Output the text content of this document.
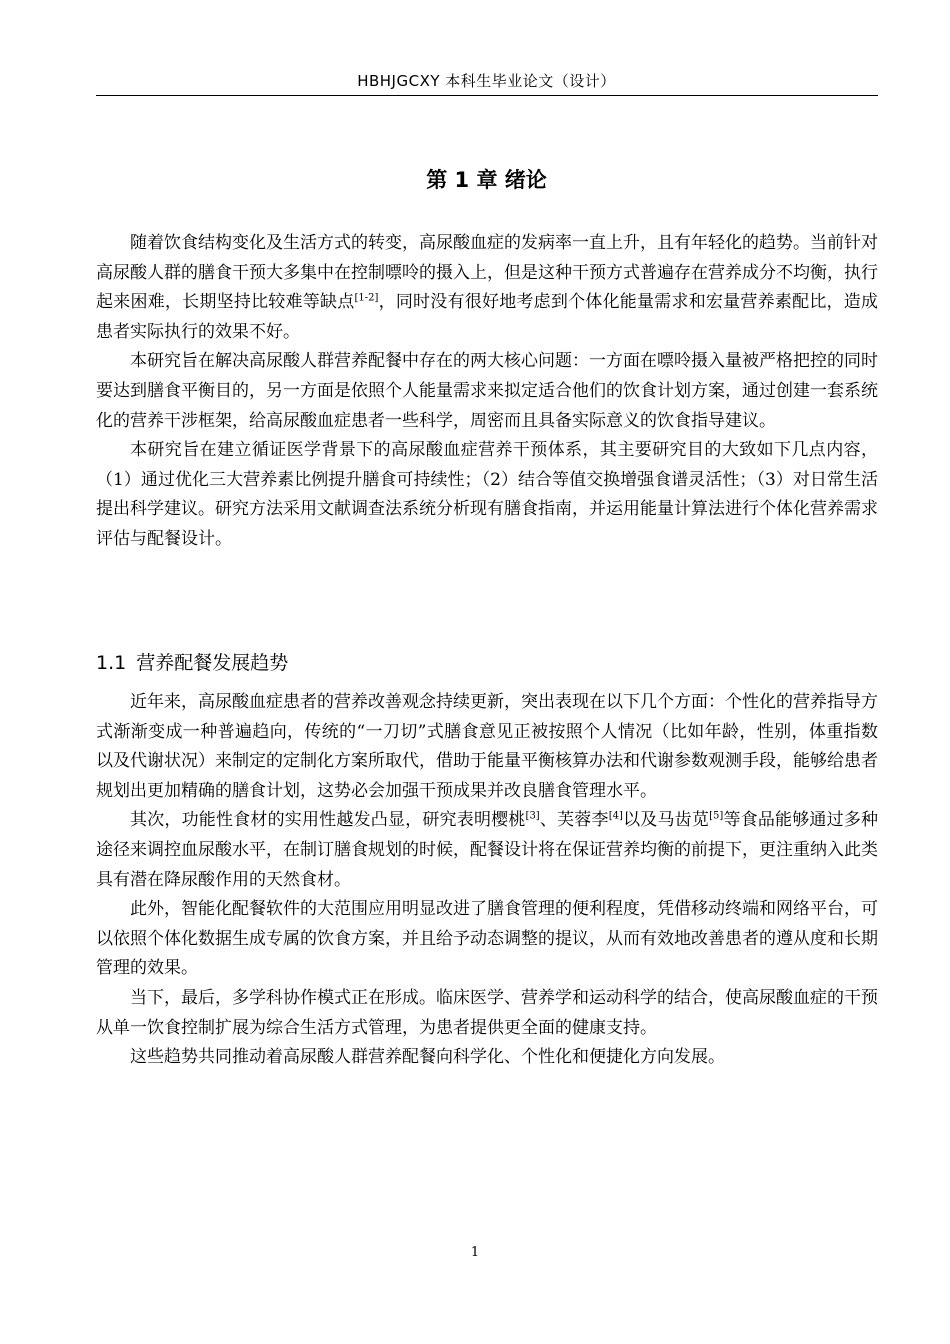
HBHJGCXY 本科生毕业论文（设计）
第 1 章 绪论

随着饮食结构变化及生活方式的转变，高尿酸血症的发病率一直上升，且有年轻化的趋势。当前针对高尿酸人群的膳食干预大多集中在控制嘌呤的摄入上，但是这种干预方式普遍存在营养成分不均衡，执行起来困难，长期坚持比较难等缺点[1-2]，同时没有很好地考虑到个体化能量需求和宏量营养素配比，造成患者实际执行的效果不好。

本研究旨在解决高尿酸人群营养配餐中存在的两大核心问题：一方面在嘌呤摄入量被严格把控的同时要达到膳食平衡目的，另一方面是依照个人能量需求来拟定适合他们的饮食计划方案，通过创建一套系统化的营养干涉框架，给高尿酸血症患者一些科学，周密而且具备实际意义的饮食指导建议。

本研究旨在建立循证医学背景下的高尿酸血症营养干预体系，其主要研究目的大致如下几点内容，（1）通过优化三大营养素比例提升膳食可持续性；（2）结合等值交换增强食谱灵活性；（3）对日常生活提出科学建议。研究方法采用文献调查法系统分析现有膳食指南，并运用能量计算法进行个体化营养需求评估与配餐设计。

1.1 营养配餐发展趋势

近年来，高尿酸血症患者的营养改善观念持续更新，突出表现在以下几个方面：个性化的营养指导方式渐渐变成一种普遍趋向，传统的“一刀切”式膳食意见正被按照个人情况（比如年龄，性别，体重指数以及代谢状况）来制定的定制化方案所取代，借助于能量平衡核算办法和代谢参数观测手段，能够给患者规划出更加精确的膳食计划，这势必会加强干预成果并改良膳食管理水平。

其次，功能性食材的实用性越发凸显，研究表明樱桃[3]、芙蓉李[4]以及马齿苋[5]等食品能够通过多种途径来调控血尿酸水平，在制订膳食规划的时候，配餐设计将在保证营养均衡的前提下，更注重纳入此类具有潜在降尿酸作用的天然食材。

此外，智能化配餐软件的大范围应用明显改进了膳食管理的便利程度，凭借移动终端和网络平台，可以依照个体化数据生成专属的饮食方案，并且给予动态调整的提议，从而有效地改善患者的遵从度和长期管理的效果。

当下，最后，多学科协作模式正在形成。临床医学、营养学和运动科学的结合，使高尿酸血症的干预从单一饮食控制扩展为综合生活方式管理，为患者提供更全面的健康支持。

这些趋势共同推动着高尿酸人群营养配餐向科学化、个性化和便捷化方向发展。

1
